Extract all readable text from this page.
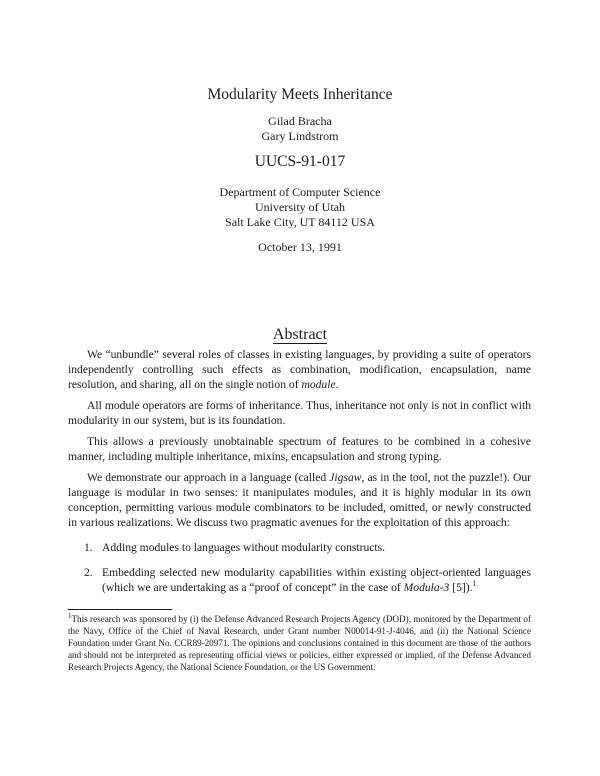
Modularity Meets Inheritance
Gilad Bracha
Gary Lindstrom
UUCS-91-017
Department of Computer Science
University of Utah
Salt Lake City, UT 84112 USA
October 13, 1991
Abstract

We “unbundle” several roles of classes in existing languages, by providing a suite of operators independently controlling such effects as combination, modification, encapsulation, name resolution, and sharing, all on the single notion of module.

All module operators are forms of inheritance. Thus, inheritance not only is not in conflict with modularity in our system, but is its foundation.

This allows a previously unobtainable spectrum of features to be combined in a cohesive manner, including multiple inheritance, mixins, encapsulation and strong typing.

We demonstrate our approach in a language (called Jigsaw, as in the tool, not the puzzle!). Our language is modular in two senses: it manipulates modules, and it is highly modular in its own conception, permitting various module combinators to be included, omitted, or newly constructed in various realizations. We discuss two pragmatic avenues for the exploitation of this approach:

1. Adding modules to languages without modularity constructs.
2. Embedding selected new modularity capabilities within existing object-oriented languages (which we are undertaking as a “proof of concept” in the case of Modula-3 [5]).$^1$
$^1$This research was sponsored by (i) the Defense Advanced Research Projects Agency (DOD), monitored by the Department of the Navy, Office of the Chief of Naval Research, under Grant number N00014-91-J-4046, and (ii) the National Science Foundation under Grant No. CCR89-20971. The opinions and conclusions contained in this document are those of the authors and should not be interpreted as representing official views or policies, either expressed or implied, of the Defense Advanced Research Projects Agency, the National Science Foundation, or the US Government.
